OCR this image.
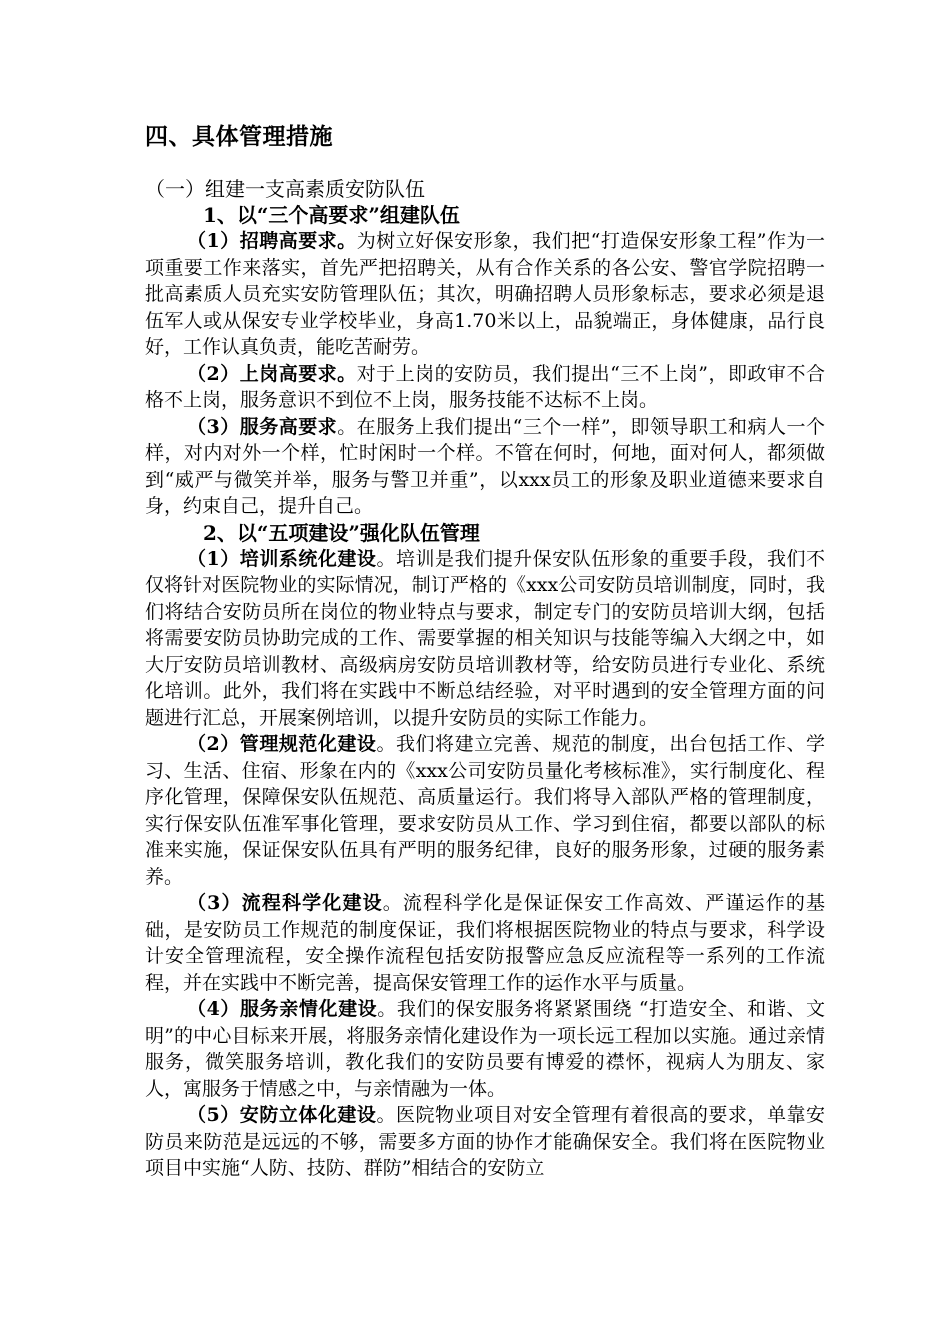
四、具体管理措施
（一）组建一支高素质安防队伍
1、以“三个高要求”组建队伍

（1）招聘高要求。为树立好保安形象，我们把“打造保安形象工程”作为一项重要工作来落实，首先严把招聘关，从有合作关系的各公安、警官学院招聘一批高素质人员充实安防管理队伍；其次，明确招聘人员形象标志，要求必须是退伍军人或从保安专业学校毕业，身高1.70米以上，品貌端正，身体健康，品行良好，工作认真负责，能吃苦耐劳。

（2）上岗高要求。对于上岗的安防员，我们提出“三不上岗”，即政审不合格不上岗，服务意识不到位不上岗，服务技能不达标不上岗。

（3）服务高要求。在服务上我们提出“三个一样”，即领导职工和病人一个样，对内对外一个样，忙时闲时一个样。不管在何时，何地，面对何人，都须做到“威严与微笑并举，服务与警卫并重”，以xxx员工的形象及职业道德来要求自身，约束自己，提升自己。

2、以“五项建设”强化队伍管理

（1）培训系统化建设。培训是我们提升保安队伍形象的重要手段，我们不仅将针对医院物业的实际情况，制订严格的《xxx公司安防员培训制度，同时，我们将结合安防员所在岗位的物业特点与要求，制定专门的安防员培训大纲，包括将需要安防员协助完成的工作、需要掌握的相关知识与技能等编入大纲之中，如大厅安防员培训教材、高级病房安防员培训教材等，给安防员进行专业化、系统化培训。此外，我们将在实践中不断总结经验，对平时遇到的安全管理方面的问题进行汇总，开展案例培训，以提升安防员的实际工作能力。

（2）管理规范化建设。我们将建立完善、规范的制度，出台包括工作、学习、生活、住宿、形象在内的《xxx公司安防员量化考核标准》，实行制度化、程序化管理，保障保安队伍规范、高质量运行。我们将导入部队严格的管理制度，实行保安队伍准军事化管理，要求安防员从工作、学习到住宿，都要以部队的标准来实施，保证保安队伍具有严明的服务纪律，良好的服务形象，过硬的服务素养。

（3）流程科学化建设。流程科学化是保证保安工作高效、严谨运作的基础，是安防员工作规范的制度保证，我们将根据医院物业的特点与要求，科学设计安全管理流程，安全操作流程包括安防报警应急反应流程等一系列的工作流程，并在实践中不断完善，提高保安管理工作的运作水平与质量。

（4）服务亲情化建设。我们的保安服务将紧紧围绕 “打造安全、和谐、文明”的中心目标来开展，将服务亲情化建设作为一项长远工程加以实施。通过亲情服务，微笑服务培训，教化我们的安防员要有博爱的襟怀，视病人为朋友、家人，寓服务于情感之中，与亲情融为一体。

（5）安防立体化建设。医院物业项目对安全管理有着很高的要求，单靠安防员来防范是远远的不够，需要多方面的协作才能确保安全。我们将在医院物业项目中实施“人防、技防、群防”相结合的安防立
